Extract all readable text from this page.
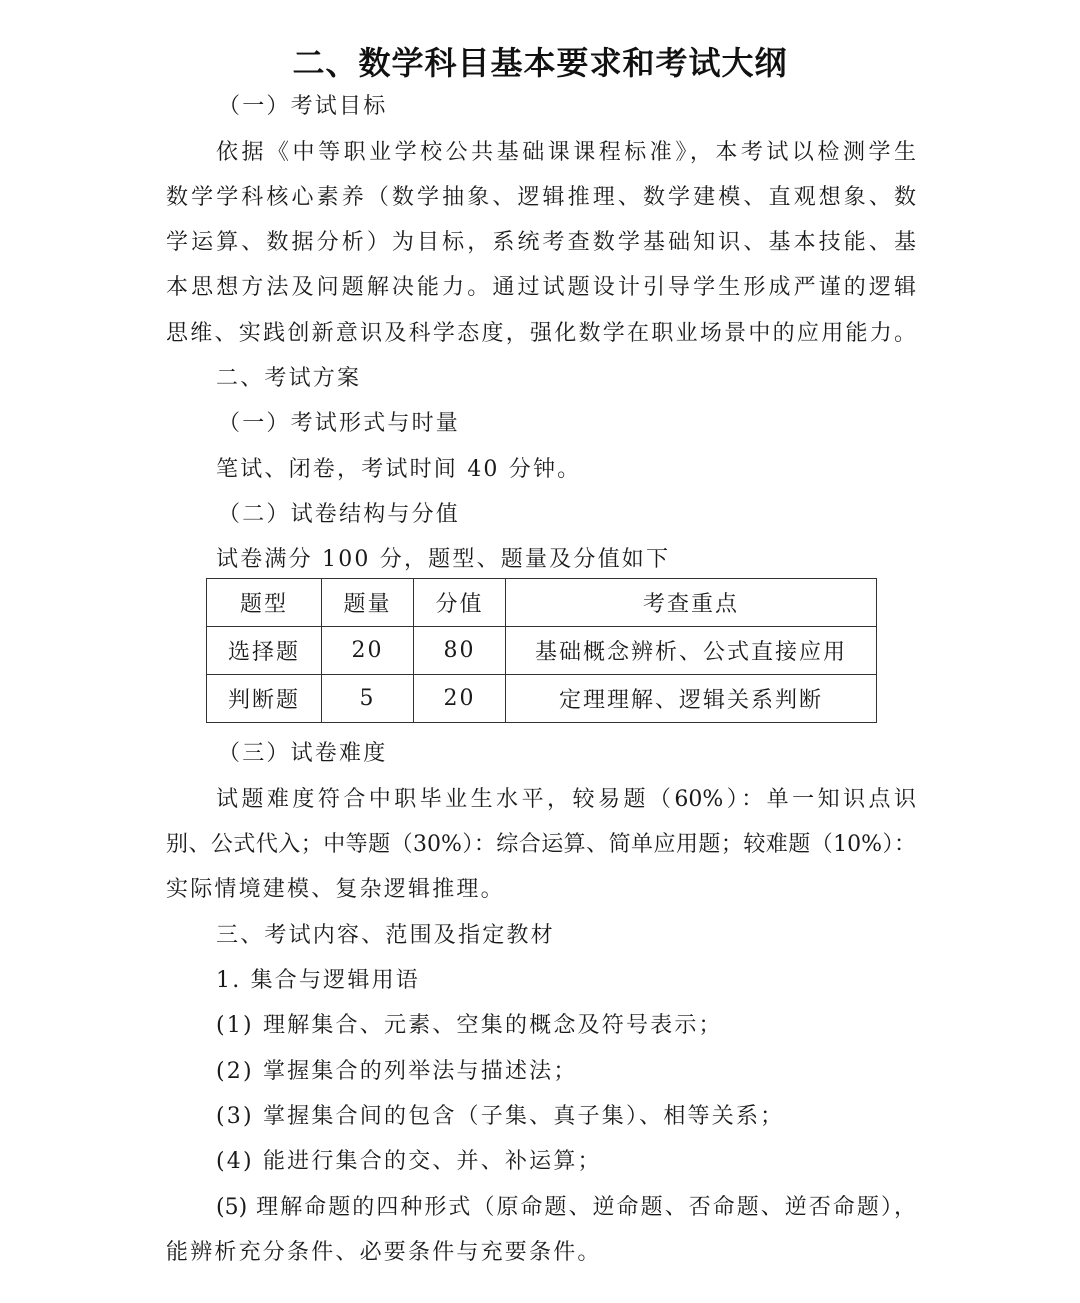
二、数学科目基本要求和考试大纲
（一）考试目标
依据《中等职业学校公共基础课课程标准》，本考试以检测学生
数学学科核心素养（数学抽象、逻辑推理、数学建模、直观想象、数
学运算、数据分析）为目标，系统考查数学基础知识、基本技能、基
本思想方法及问题解决能力。通过试题设计引导学生形成严谨的逻辑
思维、实践创新意识及科学态度，强化数学在职业场景中的应用能力。
二、考试方案
（一）考试形式与时量
笔试、闭卷，考试时间 40 分钟。
（二）试卷结构与分值
试卷满分 100 分，题型、题量及分值如下
题型	题量	分值	考查重点
选择题	20	80	基础概念辨析、公式直接应用
判断题	5	20	定理理解、逻辑关系判断
（三）试卷难度
试题难度符合中职毕业生水平，较易题（60%）：单一知识点识
别、公式代入；中等题（30%）：综合运算、简单应用题；较难题（10%）：
实际情境建模、复杂逻辑推理。
三、考试内容、范围及指定教材
1. 集合与逻辑用语
(1) 理解集合、元素、空集的概念及符号表示；
(2) 掌握集合的列举法与描述法；
(3) 掌握集合间的包含（子集、真子集）、相等关系；
(4) 能进行集合的交、并、补运算；
(5) 理解命题的四种形式（原命题、逆命题、否命题、逆否命题），
能辨析充分条件、必要条件与充要条件。
